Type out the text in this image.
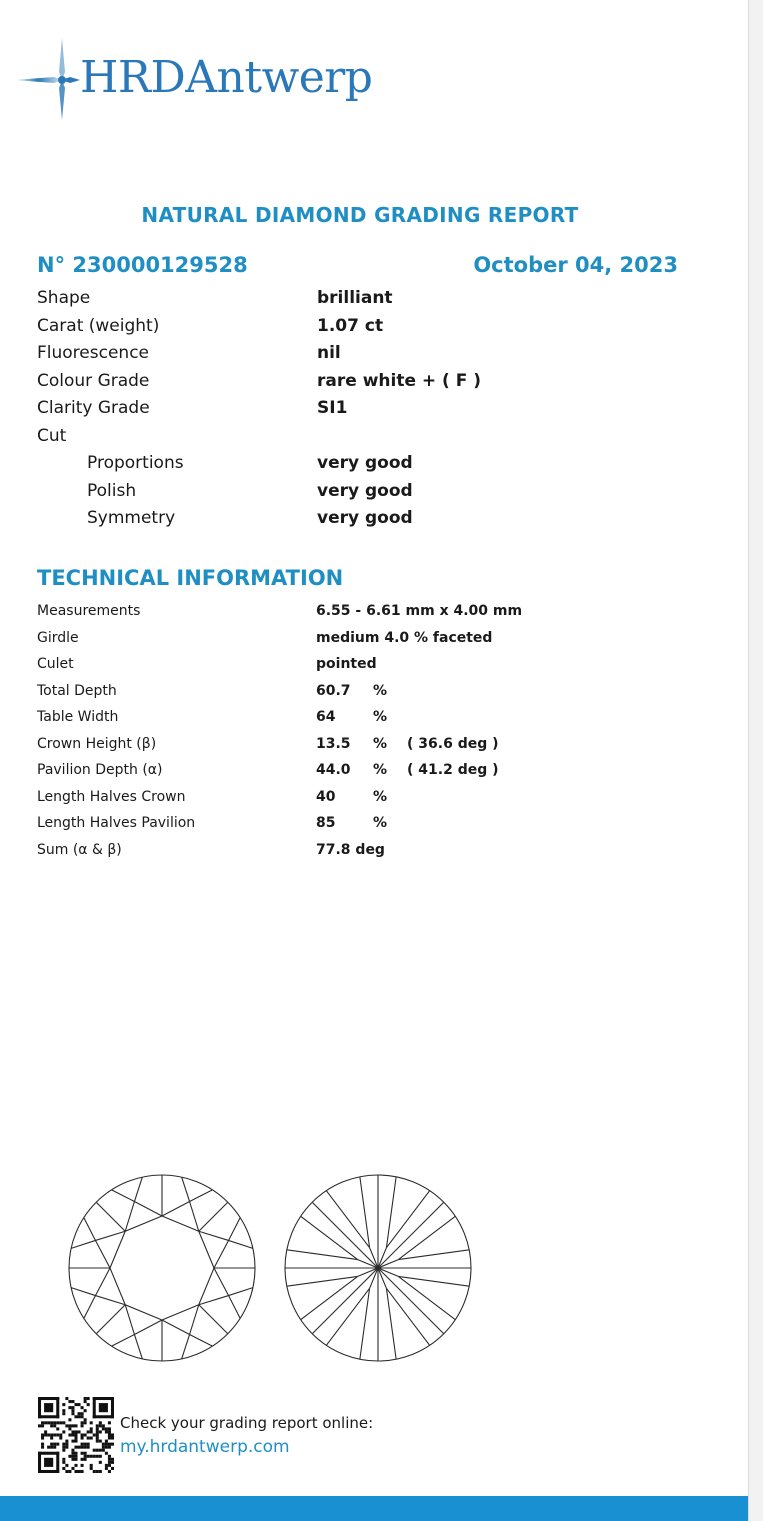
HRDAntwerp
NATURAL DIAMOND GRADING REPORT
N° 230000129528	October 04, 2023
Shape	brilliant
Carat (weight)	1.07 ct
Fluorescence	nil
Colour Grade	rare white + ( F )
Clarity Grade	SI1
Cut
Proportions	very good
Polish	very good
Symmetry	very good
TECHNICAL INFORMATION
Measurements	6.55 - 6.61 mm x 4.00 mm
Girdle	medium 4.0 % faceted
Culet	pointed
Total Depth	60.7 %
Table Width	64	%
Crown Height (β)	13.5 % ( 36.6 deg )
Pavilion Depth (α)	44.0 % ( 41.2 deg )
Length Halves Crown	40	%
Length Halves Pavilion	85	%
Sum (α & β)	77.8 deg
Check your grading report online:
my.hrdantwerp.com
